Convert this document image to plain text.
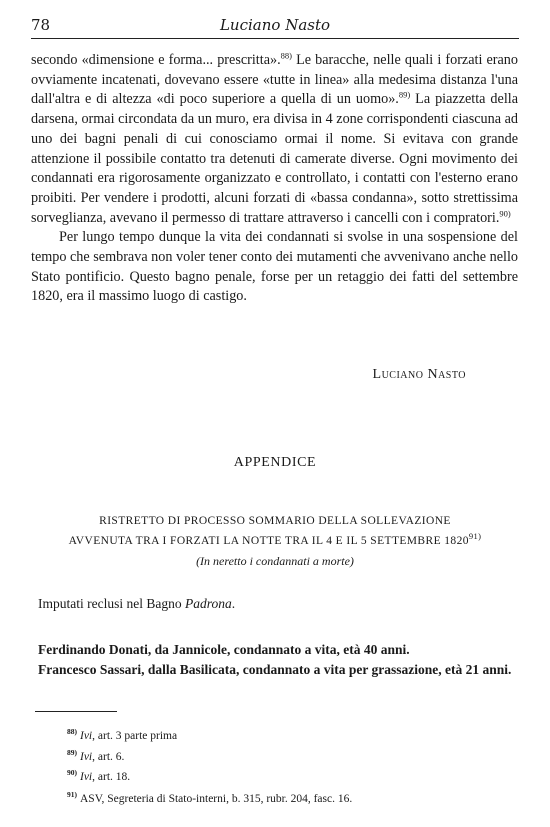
78	Luciano Nasto

secondo «dimensione e forma... prescritta».$^{88)}$ Le baracche, nelle quali i forzati erano ovviamente incatenati, dovevano essere «tutte in linea» alla medesima distanza l'una dall'altra e di altezza «di poco superiore a quella di un uomo».$^{89)}$ La piazzetta della darsena, ormai circondata da un muro, era divisa in 4 zone corrispondenti ciascuna ad uno dei bagni penali di cui conosciamo ormai il nome. Si evitava con grande attenzione il possibile contatto tra detenuti di camerate diverse. Ogni movimento dei condannati era rigorosamente organizzato e controllato, i contatti con l'esterno erano proibiti. Per vendere i prodotti, alcuni forzati di «bassa condanna», sotto strettissima sorveglianza, avevano il permesso di trattare attraverso i cancelli con i compratori.$^{90)}$

Per lungo tempo dunque la vita dei condannati si svolse in una sospensione del tempo che sembrava non voler tener conto dei mutamenti che avvenivano anche nello Stato pontificio. Questo bagno penale, forse per un retaggio dei fatti del settembre 1820, era il massimo luogo di castigo.

Luciano Nasto
APPENDICE
RISTRETTO DI PROCESSO SOMMARIO DELLA SOLLEVAZIONE
AVVENUTA TRA I FORZATI LA NOTTE TRA IL 4 E IL 5 SETTEMBRE 1820$^{91)}$
(In neretto i condannati a morte)
Imputati reclusi nel Bagno Padrona.
Ferdinando Donati, da Jannicole, condannato a vita, età 40 anni.
Francesco Sassari, dalla Basilicata, condannato a vita per grassazione, età 21 anni.
$^{88)}$ Ivi, art. 3 parte prima
$^{89)}$ Ivi, art. 6.
$^{90)}$ Ivi, art. 18.
$^{91)}$ ASV, Segreteria di Stato-interni, b. 315, rubr. 204, fasc. 16.
